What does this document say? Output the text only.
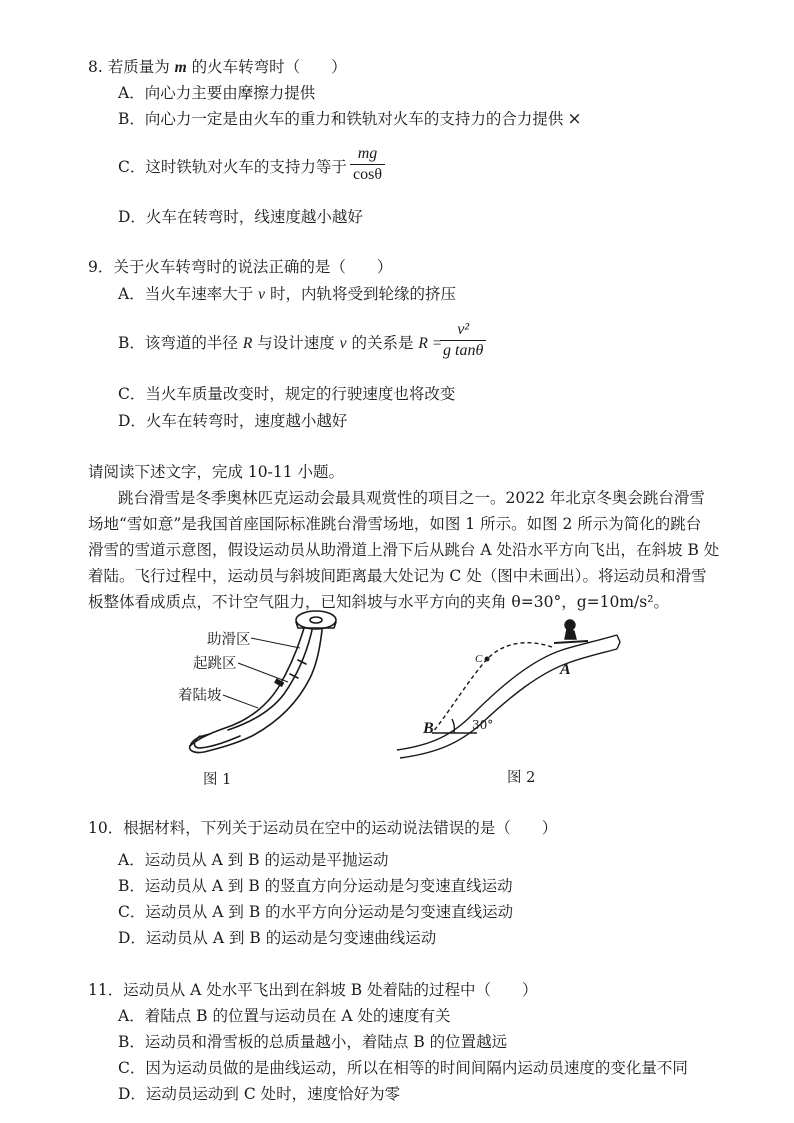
8. 若质量为 m 的火车转弯时（　　）
A．向心力主要由摩擦力提供
B．向心力一定是由火车的重力和铁轨对火车的支持力的合力提供 ×
C．这时铁轨对火车的支持力等于
mg
cosθ
D．火车在转弯时，线速度越小越好
9．关于火车转弯时的说法正确的是（　　）
A．当火车速率大于 v 时，内轨将受到轮缘的挤压
B．该弯道的半径 R 与设计速度 v 的关系是 R =
v²
g tanθ
C．当火车质量改变时，规定的行驶速度也将改变
D．火车在转弯时，速度越小越好
请阅读下述文字，完成 10-11 小题。
跳台滑雪是冬季奥林匹克运动会最具观赏性的项目之一。2022 年北京冬奥会跳台滑雪
场地“雪如意”是我国首座国际标准跳台滑雪场地，如图 1 所示。如图 2 所示为简化的跳台
滑雪的雪道示意图，假设运动员从助滑道上滑下后从跳台 A 处沿水平方向飞出，在斜坡 B 处
着陆。飞行过程中，运动员与斜坡间距离最大处记为 C 处（图中未画出）。将运动员和滑雪
板整体看成质点，不计空气阻力，已知斜坡与水平方向的夹角 θ=30°，g=10m/s²。
助滑区
起跳区
着陆坡
图 1
A
B
C
30°
图 2
10．根据材料，下列关于运动员在空中的运动说法错误的是（　　）
A．运动员从 A 到 B 的运动是平抛运动
B．运动员从 A 到 B 的竖直方向分运动是匀变速直线运动
C．运动员从 A 到 B 的水平方向分运动是匀变速直线运动
D．运动员从 A 到 B 的运动是匀变速曲线运动
11．运动员从 A 处水平飞出到在斜坡 B 处着陆的过程中（　　）
A．着陆点 B 的位置与运动员在 A 处的速度有关
B．运动员和滑雪板的总质量越小，着陆点 B 的位置越远
C．因为运动员做的是曲线运动，所以在相等的时间间隔内运动员速度的变化量不同
D．运动员运动到 C 处时，速度恰好为零
